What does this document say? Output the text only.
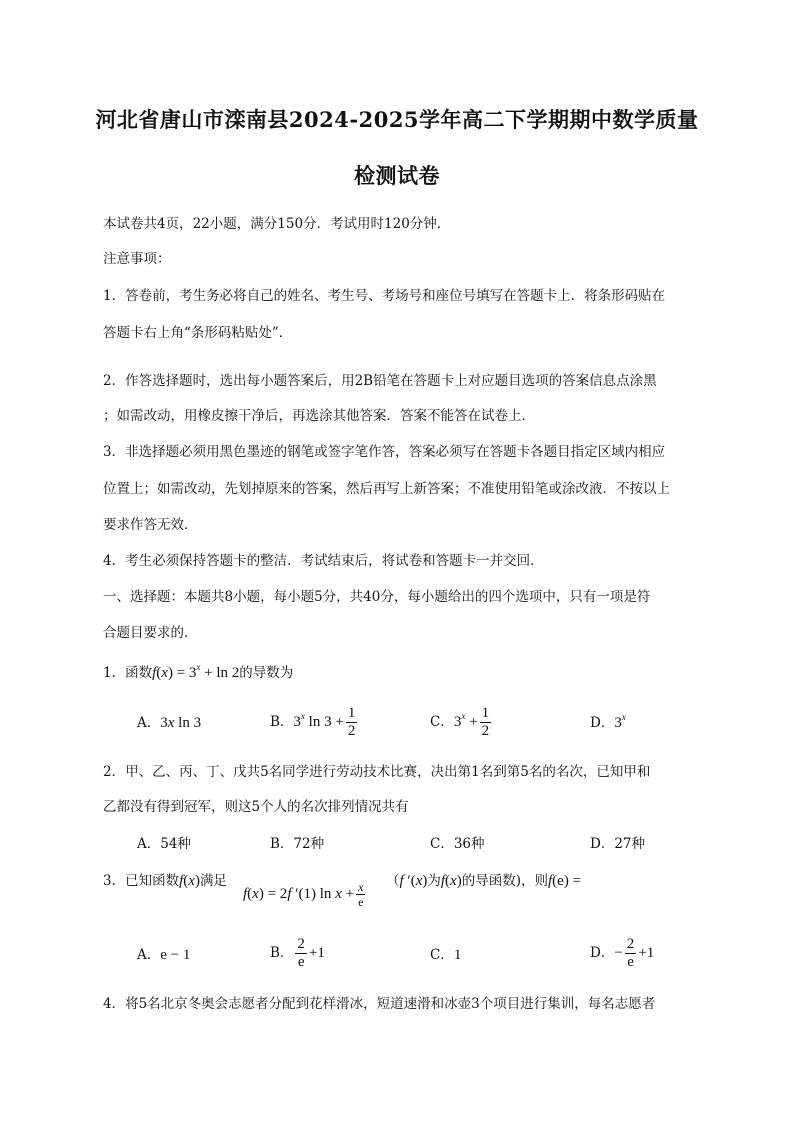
河北省唐山市滦南县2024-2025学年高二下学期期中数学质量
检测试卷
本试卷共4页，22小题，满分150分．考试用时120分钟．
注意事项：
1．答卷前，考生务必将自己的姓名、考生号、考场号和座位号填写在答题卡上．将条形码贴在
答题卡右上角“条形码粘贴处”．
2．作答选择题时，选出每小题答案后，用2B铅笔在答题卡上对应题目选项的答案信息点涂黑
；如需改动，用橡皮擦干净后，再选涂其他答案．答案不能答在试卷上．
3．非选择题必须用黑色墨迹的钢笔或签字笔作答，答案必须写在答题卡各题目指定区域内相应
位置上；如需改动，先划掉原来的答案，然后再写上新答案；不准使用铅笔或涂改液．不按以上
要求作答无效．
4．考生必须保持答题卡的整洁．考试结束后，将试卷和答题卡一并交回．
一、选择题：本题共8小题，每小题5分，共40分，每小题给出的四个选项中，只有一项是符
合题目要求的．
1．函数$f(x) = 3^x + \ln 2$的导数为
A．3x ln 3	B．3$^x$ $\ln 3 + \frac{1}{2}$	C．$3^x + \frac{1}{2}$	D．3$^x$
2．甲、乙、丙、丁、戊共5名同学进行劳动技术比赛，决出第1名到第5名的名次，已知甲和
乙都没有得到冠军，则这5个人的名次排列情况共有
A．54种	B．72种	C．36种	D．27种
3．已知函数f(x)满足
f(x) = 2f ′(1) $\ln x + \frac{x}{e} (f$ ′(x)为f(x)的导函数)，则f(e) =
A．e − 1	B． $\frac{2}{e} +1$	C．1	D．− $\frac{2}{e} +1$
4．将5名北京冬奥会志愿者分配到花样滑冰，短道速滑和冰壶3个项目进行集训，每名志愿者
